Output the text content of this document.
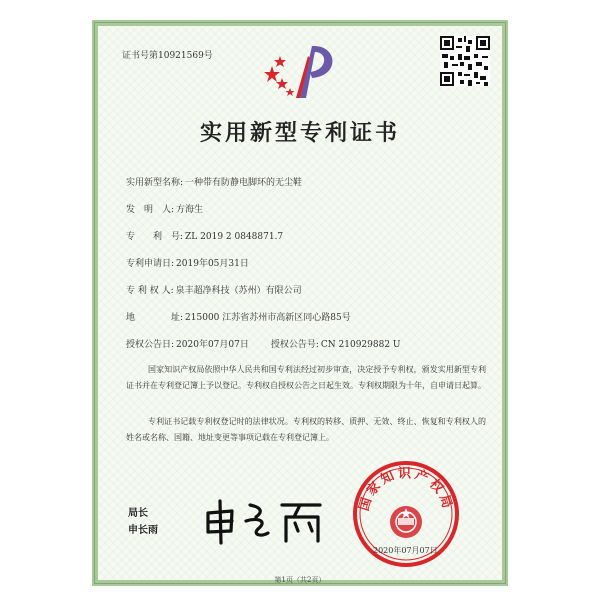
证书号第10921569号
实用新型专利证书
实用新型名称: 一种带有防静电脚环的无尘鞋
发　明　人: 方海生
专　　利　号: ZL 2019 2 0848871.7
专利申请日: 2019年05月31日
专 利 权 人: 泉丰超净科技（苏州）有限公司
地　　　　址: 215000 江苏省苏州市高新区同心路85号
授权公告日: 2020年07月07日 授权公告号: CN 210929882 U
国家知识产权局依照中华人民共和国专利法经过初步审查，决定授予专利权，颁发实用新型专利证书并在专利登记簿上予以登记。专利权自授权公告之日起生效。专利权期限为十年，自申请日起算。
专利证书记载专利权登记时的法律状况。专利权的转移、质押、无效、终止、恢复和专利权人的姓名或名称、国籍、地址变更等事项记载在专利登记簿上。
局长
申长雨
国家知识产权局
2020年07月07日
第1页（共2页）
